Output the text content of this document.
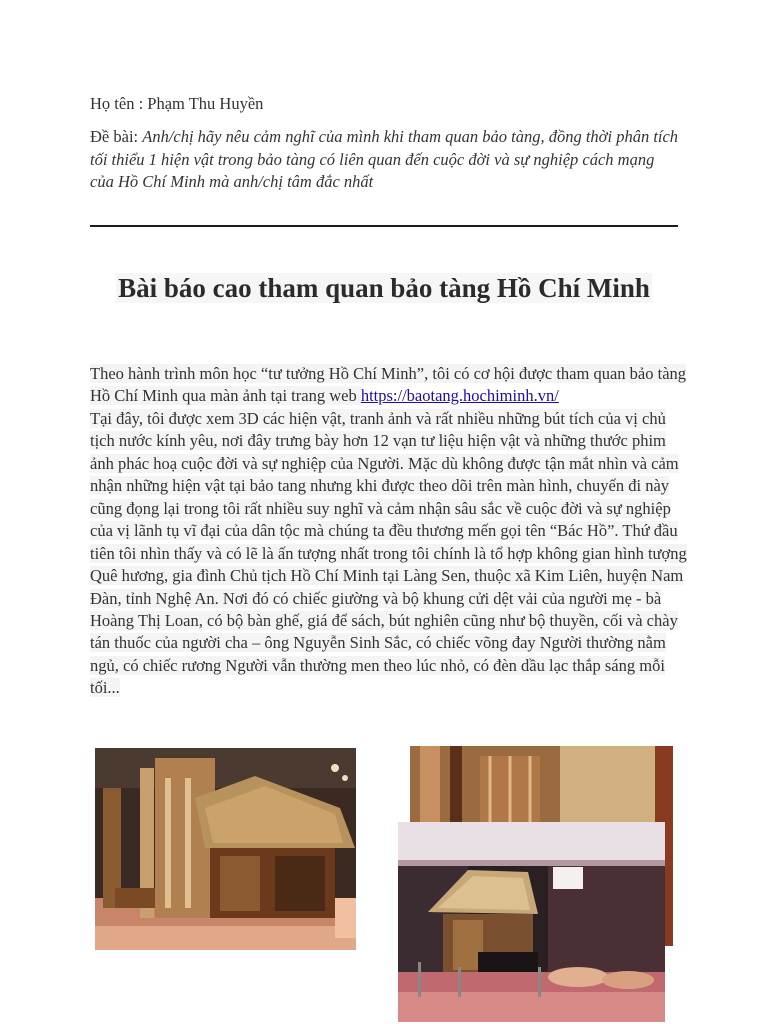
Họ tên : Phạm Thu Huyền
Đề bài: Anh/chị hãy nêu cảm nghĩ của mình khi tham quan bảo tàng, đồng thời phân tích tối thiểu 1 hiện vật trong bảo tàng có liên quan đến cuộc đời và sự nghiệp cách mạng của Hồ Chí Minh mà anh/chị tâm đắc nhất
Bài báo cao tham quan bảo tàng Hồ Chí Minh
Theo hành trình môn học “tư tưởng Hồ Chí Minh”, tôi có cơ hội được tham quan bảo tàng Hồ Chí Minh qua màn ảnh tại trang web https://baotang.hochiminh.vn/
Tại đây, tôi được xem 3D các hiện vật, tranh ảnh và rất nhiều những bút tích của vị chủ tịch nước kính yêu, nơi đây trưng bày hơn 12 vạn tư liệu hiện vật và những thước phim ảnh phác hoạ cuộc đời và sự nghiệp của Người. Mặc dù không được tận mắt nhìn và cảm nhận những hiện vật tại bảo tang nhưng khi được theo dõi trên màn hình, chuyến đi này cũng đọng lại trong tôi rất nhiều suy nghĩ và cảm nhận sâu sắc về cuộc đời và sự nghiệp của vị lãnh tụ vĩ đại của dân tộc mà chúng ta đều thương mến gọi tên “Bác Hồ”. Thứ đầu tiên tôi nhìn thấy và có lẽ là ấn tượng nhất trong tôi chính là tổ hợp không gian hình tượng Quê hương, gia đình Chủ tịch Hồ Chí Minh tại Làng Sen, thuộc xã Kim Liên, huyện Nam Đàn, tỉnh Nghệ An. Nơi đó có chiếc giường và bộ khung cửi dệt vải của người mẹ - bà Hoàng Thị Loan, có bộ bàn ghế, giá để sách, bút nghiên cũng như bộ thuyền, cối và chày tán thuốc của người cha – ông Nguyễn Sinh Sắc, có chiếc võng đay Người thường nằm ngủ, có chiếc rương Người vẫn thường men theo lúc nhỏ, có đèn dầu lạc thắp sáng mỗi tối...
